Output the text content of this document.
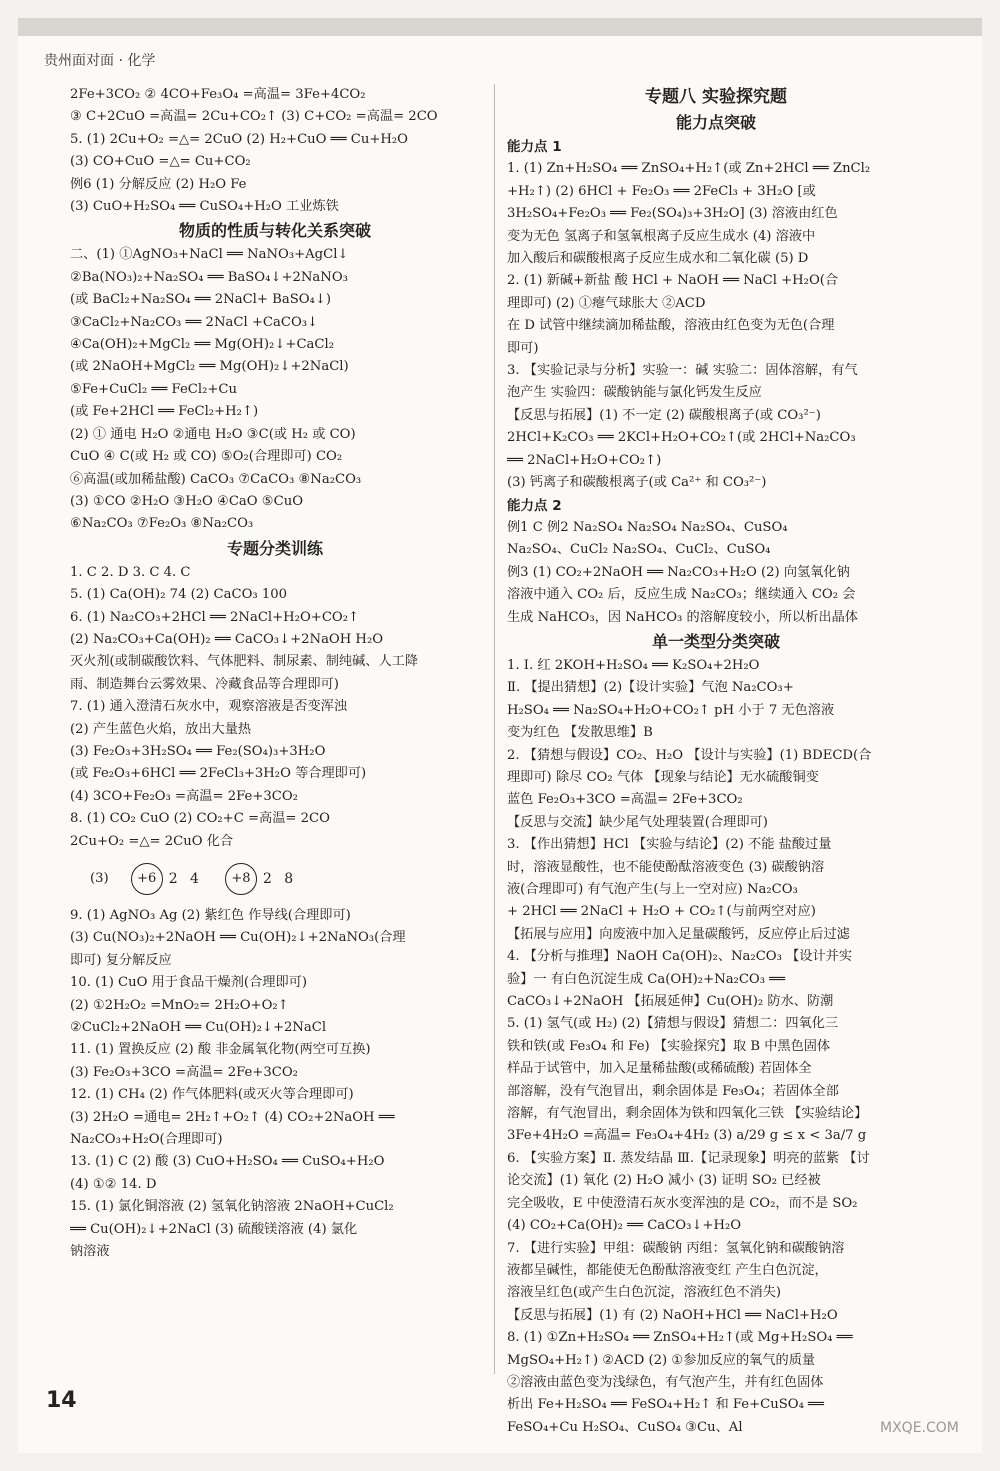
贵州面对面 · 化学
2Fe+3CO₂ ② 4CO+Fe₃O₄ =高温= 3Fe+4CO₂
③ C+2CuO =高温= 2Cu+CO₂↑ (3) C+CO₂ =高温= 2CO
5. (1) 2Cu+O₂ =△= 2CuO (2) H₂+CuO ══ Cu+H₂O
(3) CO+CuO =△= Cu+CO₂
例6 (1) 分解反应 (2) H₂O Fe
(3) CuO+H₂SO₄ ══ CuSO₄+H₂O 工业炼铁
物质的性质与转化关系突破
二、(1) ①AgNO₃+NaCl ══ NaNO₃+AgCl↓
②Ba(NO₃)₂+Na₂SO₄ ══ BaSO₄↓+2NaNO₃
(或 BaCl₂+Na₂SO₄ ══ 2NaCl+ BaSO₄↓)
③CaCl₂+Na₂CO₃ ══ 2NaCl +CaCO₃↓
④Ca(OH)₂+MgCl₂ ══ Mg(OH)₂↓+CaCl₂
(或 2NaOH+MgCl₂ ══ Mg(OH)₂↓+2NaCl)
⑤Fe+CuCl₂ ══ FeCl₂+Cu
(或 Fe+2HCl ══ FeCl₂+H₂↑)
(2) ① 通电 H₂O ②通电 H₂O ③C(或 H₂ 或 CO)
CuO ④ C(或 H₂ 或 CO) ⑤O₂(合理即可) CO₂
⑥高温(或加稀盐酸) CaCO₃ ⑦CaCO₃ ⑧Na₂CO₃
(3) ①CO ②H₂O ③H₂O ④CaO ⑤CuO
⑥Na₂CO₃ ⑦Fe₂O₃ ⑧Na₂CO₃
专题分类训练
1. C 2. D 3. C 4. C
5. (1) Ca(OH)₂ 74 (2) CaCO₃ 100
6. (1) Na₂CO₃+2HCl ══ 2NaCl+H₂O+CO₂↑
(2) Na₂CO₃+Ca(OH)₂ ══ CaCO₃↓+2NaOH H₂O
灭火剂(或制碳酸饮料、气体肥料、制尿素、制纯碱、人工降
雨、制造舞台云雾效果、冷藏食品等合理即可)
7. (1) 通入澄清石灰水中，观察溶液是否变浑浊
(2) 产生蓝色火焰，放出大量热
(3) Fe₂O₃+3H₂SO₄ ══ Fe₂(SO₄)₃+3H₂O
(或 Fe₂O₃+6HCl ══ 2FeCl₃+3H₂O 等合理即可)
(4) 3CO+Fe₂O₃ =高温= 2Fe+3CO₂
8. (1) CO₂ CuO (2) CO₂+C =高温= 2CO
2Cu+O₂ =△= 2CuO 化合
(3)	+6 2 4	+8 2 8
9. (1) AgNO₃ Ag (2) 紫红色 作导线(合理即可)
(3) Cu(NO₃)₂+2NaOH ══ Cu(OH)₂↓+2NaNO₃(合理
即可) 复分解反应
10. (1) CuO 用于食品干燥剂(合理即可)
(2) ①2H₂O₂ =MnO₂= 2H₂O+O₂↑
②CuCl₂+2NaOH ══ Cu(OH)₂↓+2NaCl
11. (1) 置换反应 (2) 酸 非金属氧化物(两空可互换)
(3) Fe₂O₃+3CO =高温= 2Fe+3CO₂
12. (1) CH₄ (2) 作气体肥料(或灭火等合理即可)
(3) 2H₂O =通电= 2H₂↑+O₂↑ (4) CO₂+2NaOH ══
Na₂CO₃+H₂O(合理即可)
13. (1) C (2) 酸 (3) CuO+H₂SO₄ ══ CuSO₄+H₂O
(4) ①② 14. D
15. (1) 氯化铜溶液 (2) 氢氧化钠溶液 2NaOH+CuCl₂
══ Cu(OH)₂↓+2NaCl (3) 硫酸镁溶液 (4) 氯化
钠溶液
专题八 实验探究题
能力点突破
能力点 1
1. (1) Zn+H₂SO₄ ══ ZnSO₄+H₂↑(或 Zn+2HCl ══ ZnCl₂
+H₂↑) (2) 6HCl + Fe₂O₃ ══ 2FeCl₃ + 3H₂O [或
3H₂SO₄+Fe₂O₃ ══ Fe₂(SO₄)₃+3H₂O] (3) 溶液由红色
变为无色 氢离子和氢氧根离子反应生成水 (4) 溶液中
加入酸后和碳酸根离子反应生成水和二氧化碳 (5) D
2. (1) 新碱+新盐 酸 HCl + NaOH ══ NaCl +H₂O(合
理即可) (2) ①瘪气球胀大 ②ACD
在 D 试管中继续滴加稀盐酸，溶液由红色变为无色(合理
即可)
3. 【实验记录与分析】实验一：碱 实验二：固体溶解，有气
泡产生 实验四：碳酸钠能与氯化钙发生反应
【反思与拓展】(1) 不一定 (2) 碳酸根离子(或 CO₃²⁻)
2HCl+K₂CO₃ ══ 2KCl+H₂O+CO₂↑(或 2HCl+Na₂CO₃
══ 2NaCl+H₂O+CO₂↑)
(3) 钙离子和碳酸根离子(或 Ca²⁺ 和 CO₃²⁻)
能力点 2
例1 C 例2 Na₂SO₄ Na₂SO₄ Na₂SO₄、CuSO₄
Na₂SO₄、CuCl₂ Na₂SO₄、CuCl₂、CuSO₄
例3 (1) CO₂+2NaOH ══ Na₂CO₃+H₂O (2) 向氢氧化钠
溶液中通入 CO₂ 后，反应生成 Na₂CO₃；继续通入 CO₂ 会
生成 NaHCO₃，因 NaHCO₃ 的溶解度较小，所以析出晶体
单一类型分类突破
1. Ⅰ. 红 2KOH+H₂SO₄ ══ K₂SO₄+2H₂O
Ⅱ. 【提出猜想】(2)【设计实验】气泡 Na₂CO₃+
H₂SO₄ ══ Na₂SO₄+H₂O+CO₂↑ pH 小于 7 无色溶液
变为红色 【发散思维】B
2. 【猜想与假设】CO₂、H₂O 【设计与实验】(1) BDECD(合
理即可) 除尽 CO₂ 气体 【现象与结论】无水硫酸铜变
蓝色 Fe₂O₃+3CO =高温= 2Fe+3CO₂
【反思与交流】缺少尾气处理装置(合理即可)
3. 【作出猜想】HCl 【实验与结论】(2) 不能 盐酸过量
时，溶液显酸性，也不能使酚酞溶液变色 (3) 碳酸钠溶
液(合理即可) 有气泡产生(与上一空对应) Na₂CO₃
+ 2HCl ══ 2NaCl + H₂O + CO₂↑(与前两空对应)
【拓展与应用】向废液中加入足量碳酸钙，反应停止后过滤
4. 【分析与推理】NaOH Ca(OH)₂、Na₂CO₃ 【设计并实
验】一 有白色沉淀生成 Ca(OH)₂+Na₂CO₃ ══
CaCO₃↓+2NaOH 【拓展延伸】Cu(OH)₂ 防水、防潮
5. (1) 氢气(或 H₂) (2)【猜想与假设】猜想二：四氧化三
铁和铁(或 Fe₃O₄ 和 Fe) 【实验探究】取 B 中黑色固体
样品于试管中，加入足量稀盐酸(或稀硫酸) 若固体全
部溶解，没有气泡冒出，剩余固体是 Fe₃O₄；若固体全部
溶解，有气泡冒出，剩余固体为铁和四氧化三铁 【实验结论】
3Fe+4H₂O =高温= Fe₃O₄+4H₂ (3) a/29 g ≤ x < 3a/7 g
6. 【实验方案】Ⅱ. 蒸发结晶 Ⅲ.【记录现象】明亮的蓝紫 【讨
论交流】(1) 氧化 (2) H₂O 减小 (3) 证明 SO₂ 已经被
完全吸收，E 中使澄清石灰水变浑浊的是 CO₂，而不是 SO₂
(4) CO₂+Ca(OH)₂ ══ CaCO₃↓+H₂O
7. 【进行实验】甲组：碳酸钠 丙组：氢氧化钠和碳酸钠溶
液都呈碱性，都能使无色酚酞溶液变红 产生白色沉淀，
溶液呈红色(或产生白色沉淀，溶液红色不消失)
【反思与拓展】(1) 有 (2) NaOH+HCl ══ NaCl+H₂O
8. (1) ①Zn+H₂SO₄ ══ ZnSO₄+H₂↑(或 Mg+H₂SO₄ ══
MgSO₄+H₂↑) ②ACD (2) ①参加反应的氧气的质量
②溶液由蓝色变为浅绿色，有气泡产生，并有红色固体
析出 Fe+H₂SO₄ ══ FeSO₄+H₂↑ 和 Fe+CuSO₄ ══
FeSO₄+Cu H₂SO₄、CuSO₄ ③Cu、Al
14
MXQE.COM
